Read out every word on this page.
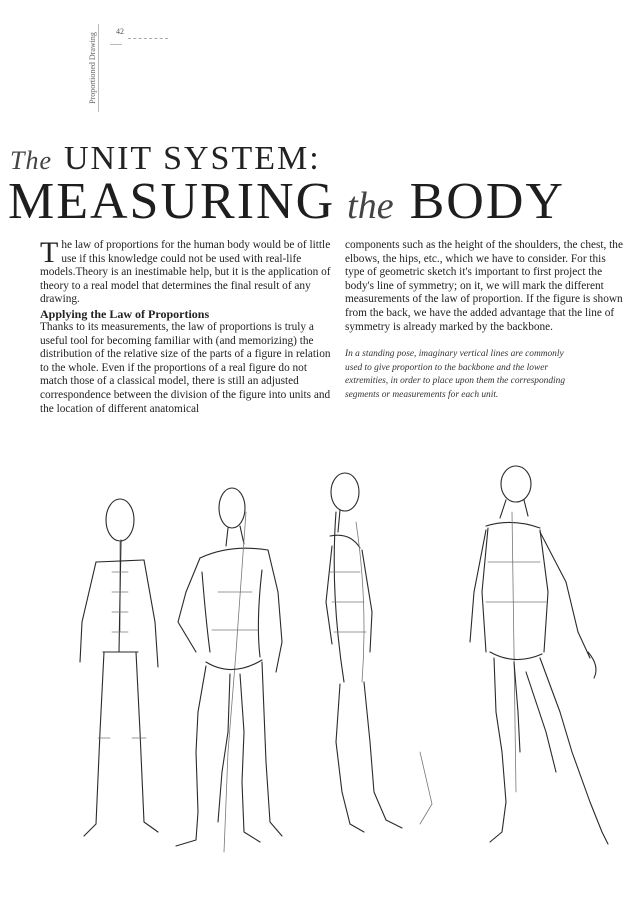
Proportioned Drawing
42
The UNIT SYSTEM:
MEASURING the BODY

The law of proportions for the human body would be of little use if this knowledge could not be used with real-life models.Theory is an inestimable help, but it is the application of theory to a real model that determines the final result of any drawing.

Applying the Law of Proportions

Thanks to its measurements, the law of proportions is truly a useful tool for becoming familiar with (and memorizing) the distribution of the relative size of the parts of a figure in relation to the whole. Even if the proportions of a real figure do not match those of a classical model, there is still an adjusted correspondence between the division of the figure into units and the location of different anatomical

components such as the height of the shoulders, the chest, the elbows, the hips, etc., which we have to consider. For this type of geometric sketch it's important to first project the body's line of symmetry; on it, we will mark the different measurements of the law of proportion. If the figure is shown from the back, we have the added advantage that the line of symmetry is already marked by the backbone.

In a standing pose, imaginary vertical lines are commonly used to give proportion to the backbone and the lower extremities, in order to place upon them the corresponding segments or measurements for each unit.
